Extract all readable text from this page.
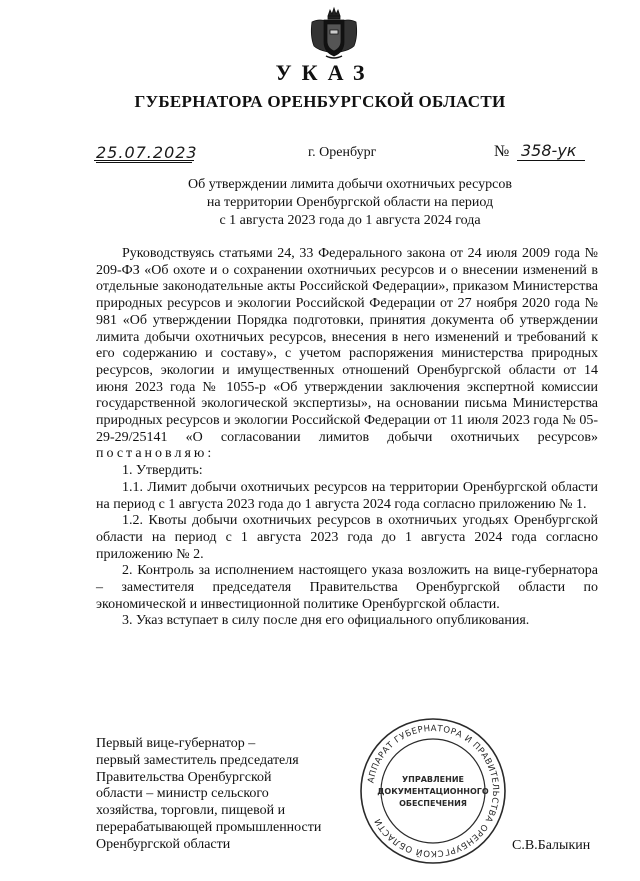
УКАЗ
ГУБЕРНАТОРА ОРЕНБУРГСКОЙ ОБЛАСТИ
25.07.2023	г. Оренбург	№ 358-ук
Об утверждении лимита добычи охотничьих ресурсов
на территории Оренбургской области на период
с 1 августа 2023 года до 1 августа 2024 года

Руководствуясь статьями 24, 33 Федерального закона от 24 июля 2009 года № 209-ФЗ «Об охоте и о сохранении охотничьих ресурсов и о внесении изменений в отдельные законодательные акты Российской Федерации», приказом Министерства природных ресурсов и экологии Российской Федерации от 27 ноября 2020 года № 981 «Об утверждении Порядка подготовки, принятия документа об утверждении лимита добычи охотничьих ресурсов, внесения в него изменений и требований к его содержанию и составу», с учетом распоряжения министерства природных ресурсов, экологии и имущественных отношений Оренбургской области от 14 июня 2023 года № 1055-р «Об утверждении заключения экспертной комиссии государственной экологической экспертизы», на основании письма Министерства природных ресурсов и экологии Российской Федерации от 11 июля 2023 года № 05-29-29/25141 «О согласовании лимитов добычи охотничьих ресурсов» постановляю:

1. Утвердить:

1.1. Лимит добычи охотничьих ресурсов на территории Оренбургской области на период с 1 августа 2023 года до 1 августа 2024 года согласно приложению № 1.

1.2. Квоты добычи охотничьих ресурсов в охотничьих угодьях Оренбургской области на период с 1 августа 2023 года до 1 августа 2024 года согласно приложению № 2.

2. Контроль за исполнением настоящего указа возложить на вице-губернатора – заместителя председателя Правительства Оренбургской области по экономической и инвестиционной политике Оренбургской области.

3. Указ вступает в силу после дня его официального опубликования.

Первый вице-губернатор –
первый заместитель председателя
Правительства Оренбургской
области – министр сельского
хозяйства, торговли, пищевой и
перерабатывающей промышленности
Оренбургской области
АППАРАТ ГУБЕРНАТОРА И ПРАВИТЕЛЬСТВА ОРЕНБУРГСКОЙ ОБЛАСТИ
УПРАВЛЕНИЕ
ДОКУМЕНТАЦИОННОГО
ОБЕСПЕЧЕНИЯ
С.В.Балыкин
